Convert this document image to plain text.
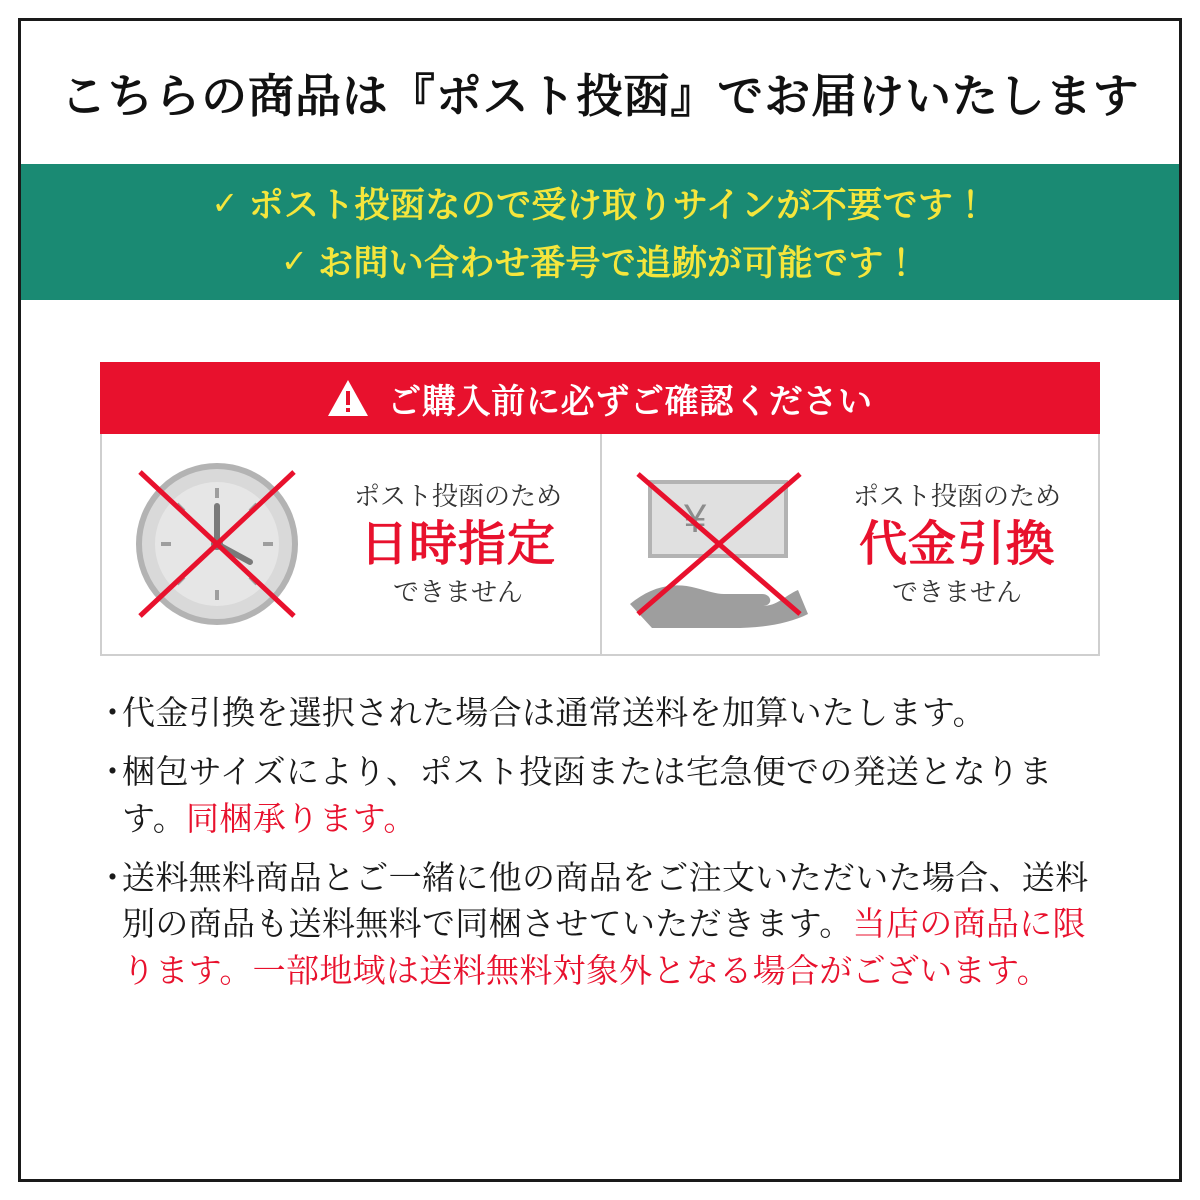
こちらの商品は『ポスト投函』でお届けいたします
✓ ポスト投函なので受け取りサインが不要です！
✓ お問い合わせ番号で追跡が可能です！
ご購入前に必ずご確認ください
ポスト投函のため
日時指定
できません
¥
ポスト投函のため
代金引換
できません
・
代金引換を選択された場合は通常送料を加算いたします。
・
梱包サイズにより、ポスト投函または宅急便での発送となります。同梱承ります。
・
送料無料商品とご一緒に他の商品をご注文いただいた場合、送料別の商品も送料無料で同梱させていただきます。当店の商品に限ります。一部地域は送料無料対象外となる場合がございます。
